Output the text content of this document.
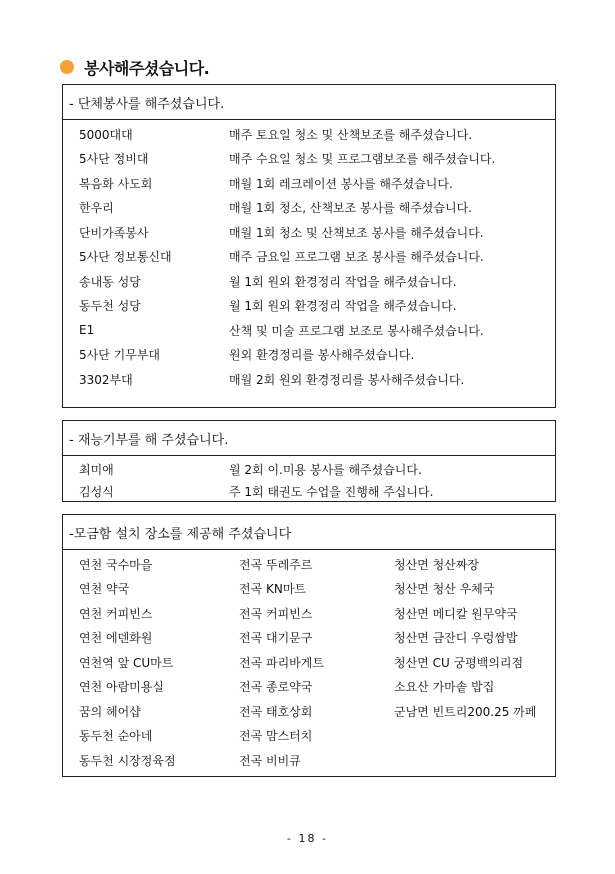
봉사해주셨습니다.
- 단체봉사를 해주셨습니다.
5000대대	매주 토요일 청소 및 산책보조를 해주셨습니다.
5사단 정비대	매주 수요일 청소 및 프로그램보조를 해주셨습니다.
복음화 사도회	매월 1회 레크레이션 봉사를 해주셨습니다.
한우리	매월 1회 청소, 산책보조 봉사를 해주셨습니다.
단비가족봉사	매월 1회 청소 및 산책보조 봉사를 해주셨습니다.
5사단 정보통신대	매주 금요일 프로그램 보조 봉사를 해주셨습니다.
송내동 성당	월 1회 원외 환경정리 작업을 해주셨습니다.
동두천 성당	월 1회 원외 환경정리 작업을 해주셨습니다.
E1	산책 및 미술 프로그램 보조로 봉사해주셨습니다.
5사단 기무부대	원외 환경정리를 봉사해주셨습니다.
3302부대	매월 2회 원외 환경정리를 봉사해주셨습니다.
- 재능기부를 해 주셨습니다.
최미애	월 2회 이.미용 봉사를 해주셨습니다.
김성식	주 1회 태권도 수업을 진행해 주십니다.
-모금함 설치 장소를 제공해 주셨습니다
연천 국수마을	전곡 뚜레주르	청산면 청산짜장
연천 약국	전곡 KN마트	청산면 청산 우체국
연천 커피빈스	전곡 커피빈스	청산면 메디칼 원무약국
연천 에덴화원	전곡 대기문구	청산면 금잔디 우렁쌈밥
연천역 앞 CU마트	전곡 파리바게트	청산면 CU 궁평백의리점
연천 아람미용실	전곡 종로약국	소요산 가마솥 밥집
꿈의 헤어샵	전곡 태호상회	군남면 빈트리200.25 까페
동두천 순아네	전곡 맘스터치
동두천 시장정육점	전곡 비비큐
- 18 -
